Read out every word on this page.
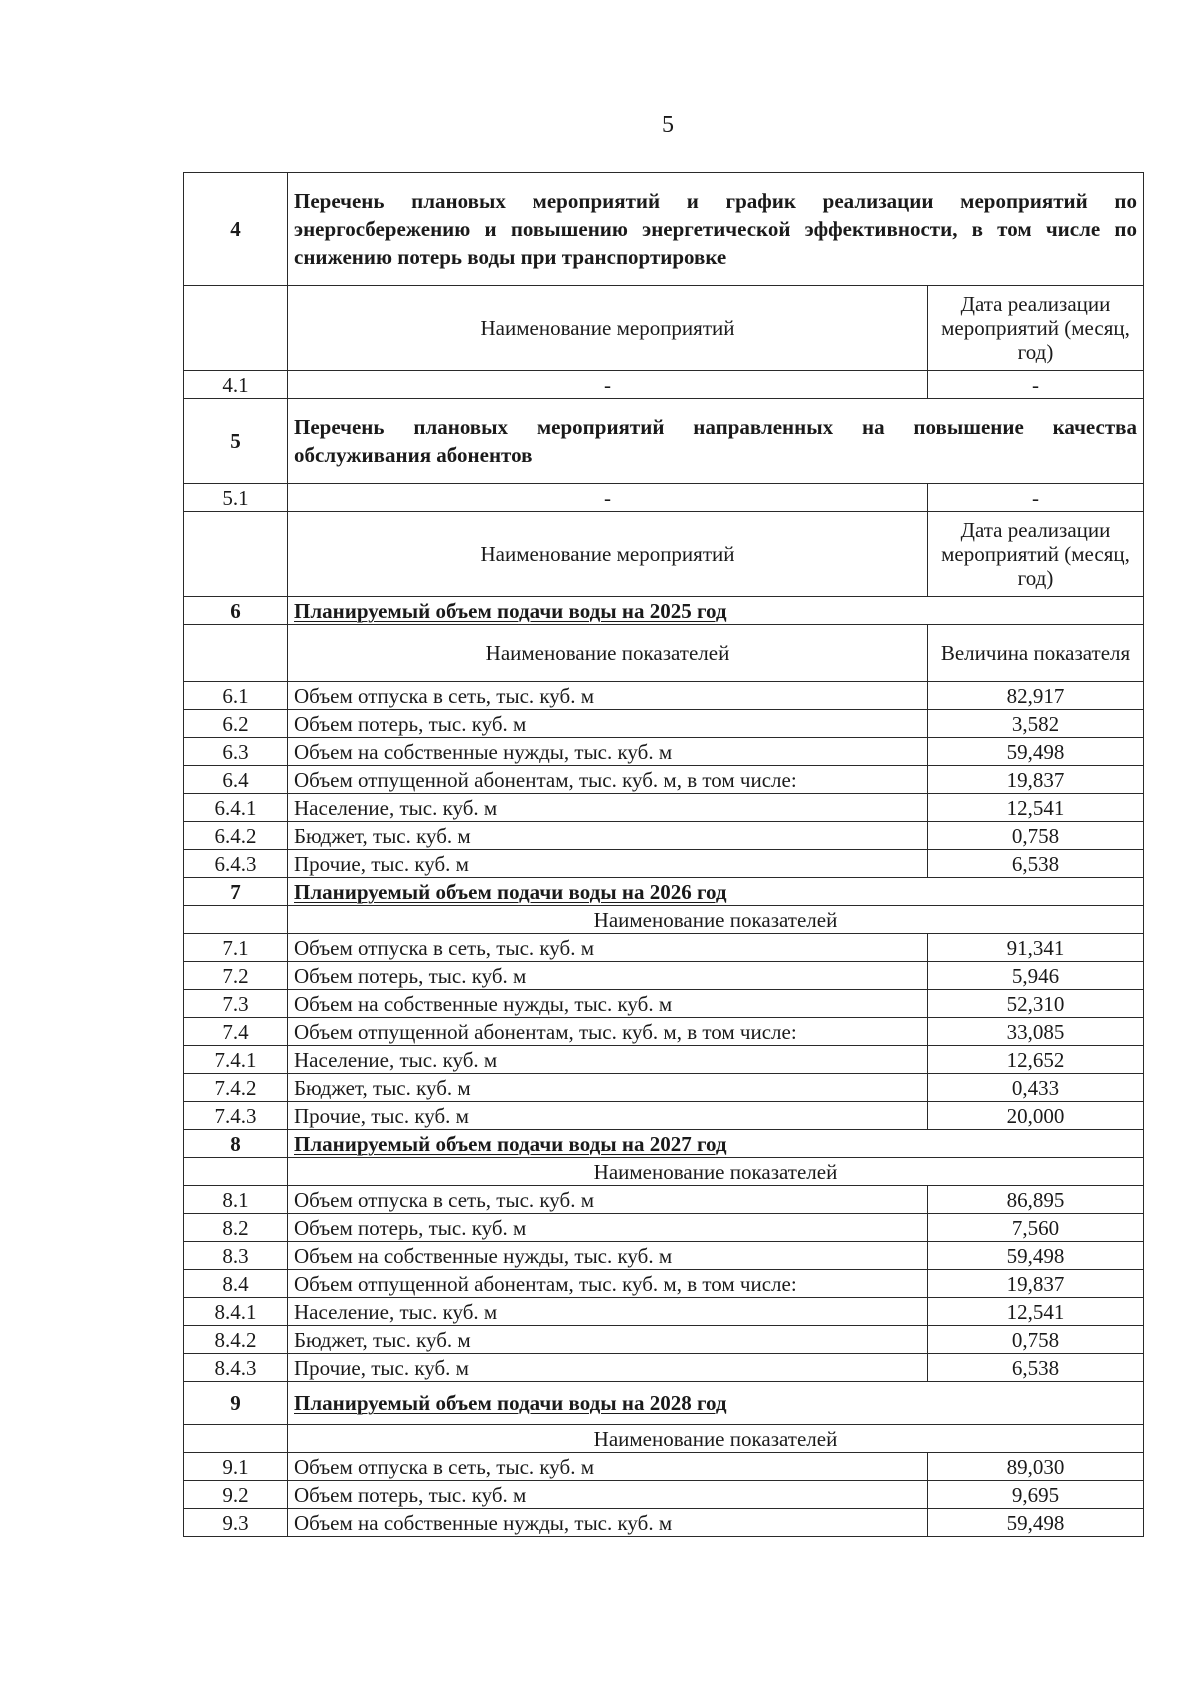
5
4	Перечень плановых мероприятий и график реализации мероприятий по энергосбережению и повышению энергетической эффективности, в том числе по снижению потерь воды при транспортировке	
	Наименование мероприятий	Дата реализации мероприятий (месяц, год)
4.1	-	-
5	Перечень плановых мероприятий направленных на повышение качества обслуживания абонентов	
5.1	-	-
	Наименование мероприятий	Дата реализации мероприятий (месяц, год)
6	Планируемый объем подачи воды на 2025 год	
	Наименование показателей	Величина показателя
6.1	Объем отпуска в сеть, тыс. куб. м	82,917
6.2	Объем потерь, тыс. куб. м	3,582
6.3	Объем на собственные нужды, тыс. куб. м	59,498
6.4	Объем отпущенной абонентам, тыс. куб. м, в том числе:	19,837
6.4.1	Население, тыс. куб. м	12,541
6.4.2	Бюджет, тыс. куб. м	0,758
6.4.3	Прочие, тыс. куб. м	6,538
7	Планируемый объем подачи воды на 2026 год	
	Наименование показателей	
7.1	Объем отпуска в сеть, тыс. куб. м	91,341
7.2	Объем потерь, тыс. куб. м	5,946
7.3	Объем на собственные нужды, тыс. куб. м	52,310
7.4	Объем отпущенной абонентам, тыс. куб. м, в том числе:	33,085
7.4.1	Население, тыс. куб. м	12,652
7.4.2	Бюджет, тыс. куб. м	0,433
7.4.3	Прочие, тыс. куб. м	20,000
8	Планируемый объем подачи воды на 2027 год	
	Наименование показателей	
8.1	Объем отпуска в сеть, тыс. куб. м	86,895
8.2	Объем потерь, тыс. куб. м	7,560
8.3	Объем на собственные нужды, тыс. куб. м	59,498
8.4	Объем отпущенной абонентам, тыс. куб. м, в том числе:	19,837
8.4.1	Население, тыс. куб. м	12,541
8.4.2	Бюджет, тыс. куб. м	0,758
8.4.3	Прочие, тыс. куб. м	6,538
9	Планируемый объем подачи воды на 2028 год	
	Наименование показателей	
9.1	Объем отпуска в сеть, тыс. куб. м	89,030
9.2	Объем потерь, тыс. куб. м	9,695
9.3	Объем на собственные нужды, тыс. куб. м	59,498
